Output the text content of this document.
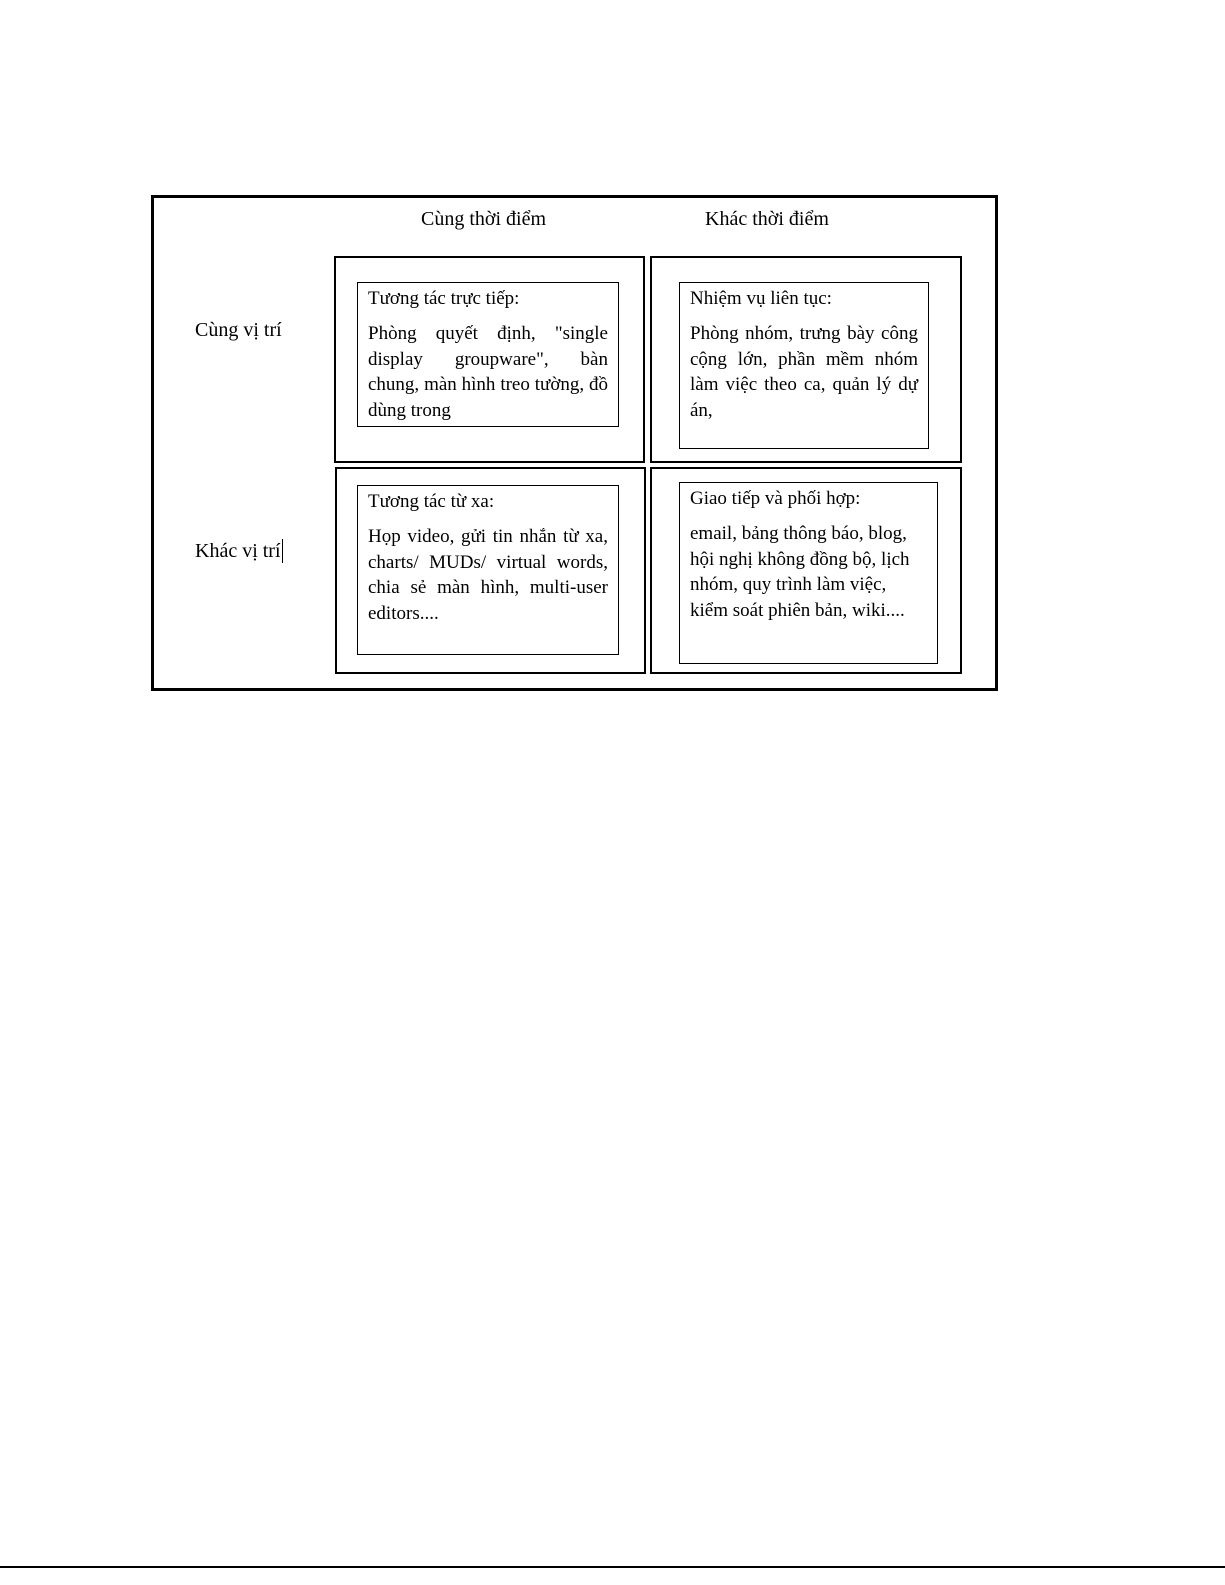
Cùng thời điểm	Khác thời điểm
Cùng vị trí
Khác vị trí
Tương tác trực tiếp:
Phòng quyết định, "single display groupware", bàn chung, màn hình treo tường, đồ dùng trong
Nhiệm vụ liên tục:
Phòng nhóm, trưng bày công cộng lớn, phần mềm nhóm làm việc theo ca, quản lý dự án,
Tương tác từ xa:
Họp video, gửi tin nhắn từ xa, charts/ MUDs/ virtual words, chia sẻ màn hình, multi-user editors....
Giao tiếp và phối hợp:
email, bảng thông báo, blog, hội nghị không đồng bộ, lịch nhóm, quy trình làm việc, kiểm soát phiên bản, wiki....
